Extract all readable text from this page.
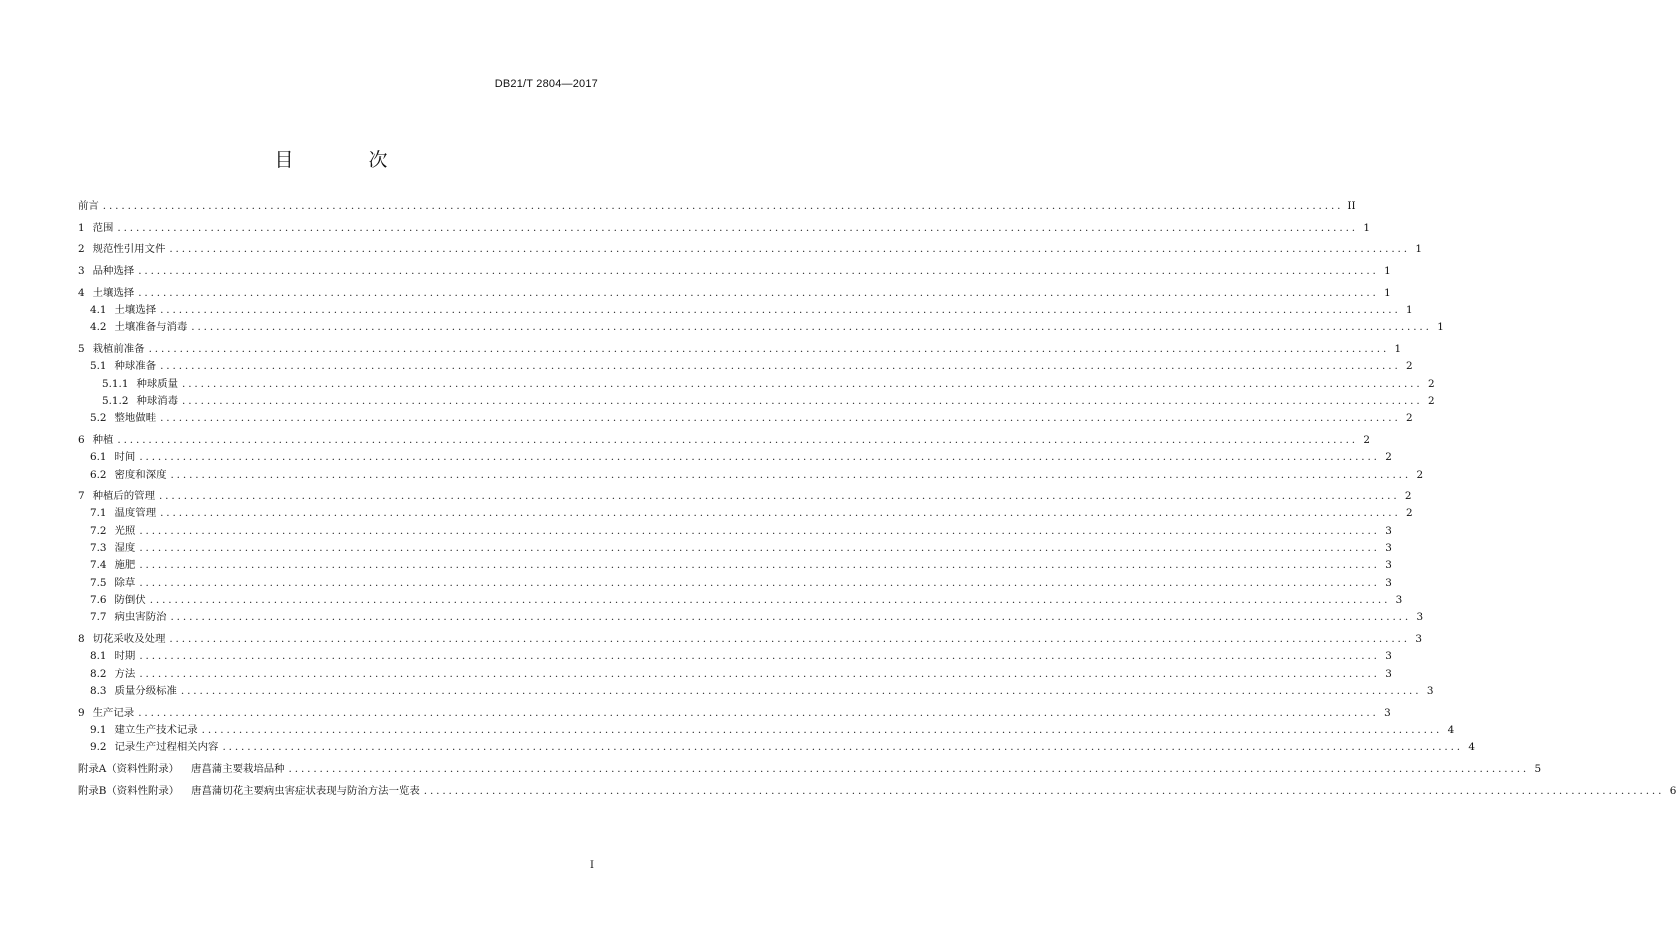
DB21/T 2804—2017
目　次
前言 ........................................................................................................................................................................................................ II
1 范围 ........................................................................................................................................................................................................ 1
2 规范性引用文件 ........................................................................................................................................................................................................ 1
3 品种选择 ........................................................................................................................................................................................................ 1
4 土壤选择 ........................................................................................................................................................................................................ 1
4.1 土壤选择 ........................................................................................................................................................................................................ 1
4.2 土壤准备与消毒 ........................................................................................................................................................................................................ 1
5 栽植前准备 ........................................................................................................................................................................................................ 1
5.1 种球准备 ........................................................................................................................................................................................................ 2
5.1.1 种球质量 ........................................................................................................................................................................................................ 2
5.1.2 种球消毒 ........................................................................................................................................................................................................ 2
5.2 整地做畦 ........................................................................................................................................................................................................ 2
6 种植 ........................................................................................................................................................................................................ 2
6.1 时间 ........................................................................................................................................................................................................ 2
6.2 密度和深度 ........................................................................................................................................................................................................ 2
7 种植后的管理 ........................................................................................................................................................................................................ 2
7.1 温度管理 ........................................................................................................................................................................................................ 2
7.2 光照 ........................................................................................................................................................................................................ 3
7.3 湿度 ........................................................................................................................................................................................................ 3
7.4 施肥 ........................................................................................................................................................................................................ 3
7.5 除草 ........................................................................................................................................................................................................ 3
7.6 防倒伏 ........................................................................................................................................................................................................ 3
7.7 病虫害防治 ........................................................................................................................................................................................................ 3
8 切花采收及处理 ........................................................................................................................................................................................................ 3
8.1 时期 ........................................................................................................................................................................................................ 3
8.2 方法 ........................................................................................................................................................................................................ 3
8.3 质量分级标准 ........................................................................................................................................................................................................ 3
9 生产记录 ........................................................................................................................................................................................................ 3
9.1 建立生产技术记录 ........................................................................................................................................................................................................ 4
9.2 记录生产过程相关内容 ........................................................................................................................................................................................................ 4
附录A（资料性附录） 唐菖蒲主要栽培品种 ........................................................................................................................................................................................................ 5
附录B（资料性附录） 唐菖蒲切花主要病虫害症状表现与防治方法一览表 ........................................................................................................................................................................................................ 6
I
